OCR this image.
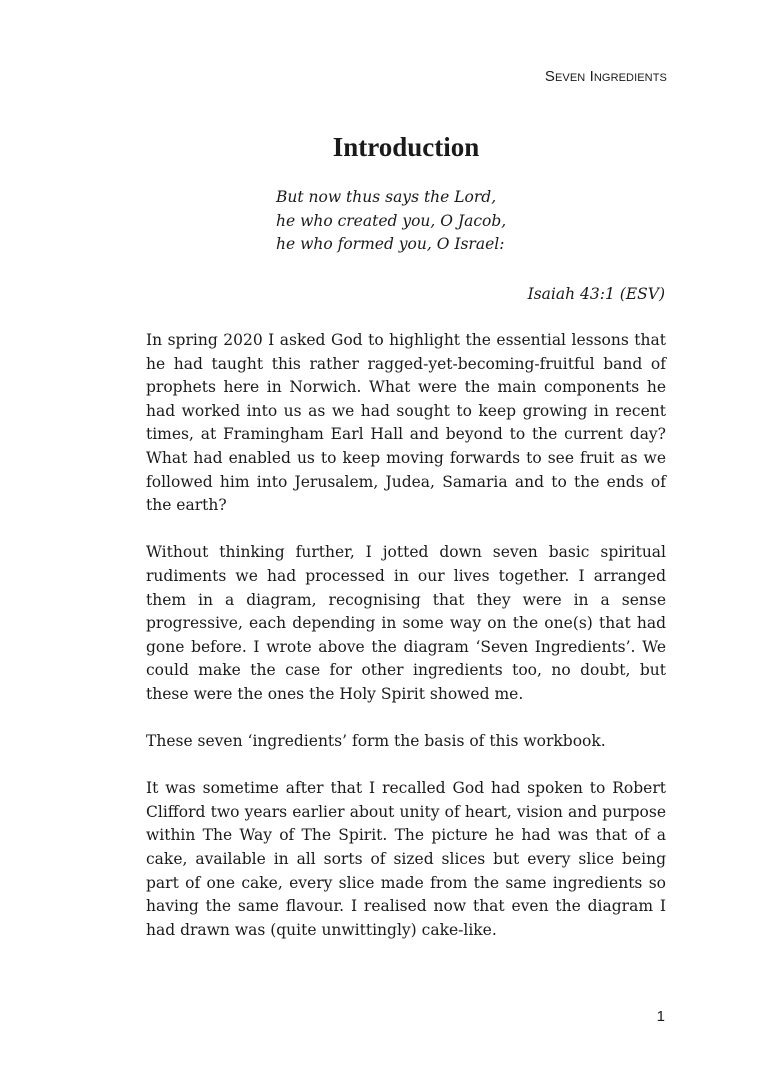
Seven Ingredients
Introduction
But now thus says the Lord,
he who created you, O Jacob,
he who formed you, O Israel:
Isaiah 43:1 (ESV)

In spring 2020 I asked God to highlight the essential lessons that he had taught this rather ragged-yet-becoming-fruitful band of prophets here in Norwich. What were the main components he had worked into us as we had sought to keep growing in recent times, at Framingham Earl Hall and beyond to the current day? What had enabled us to keep moving forwards to see fruit as we followed him into Jerusalem, Judea, Samaria and to the ends of the earth?

Without thinking further, I jotted down seven basic spiritual rudiments we had processed in our lives together. I arranged them in a diagram, recognising that they were in a sense progressive, each depending in some way on the one(s) that had gone before. I wrote above the diagram ‘Seven Ingredients’. We could make the case for other ingredients too, no doubt, but these were the ones the Holy Spirit showed me.

These seven ‘ingredients’ form the basis of this workbook.

It was sometime after that I recalled God had spoken to Robert Clifford two years earlier about unity of heart, vision and purpose within The Way of The Spirit. The picture he had was that of a cake, available in all sorts of sized slices but every slice being part of one cake, every slice made from the same ingredients so having the same flavour. I realised now that even the diagram I had drawn was (quite unwittingly) cake-like.

1
